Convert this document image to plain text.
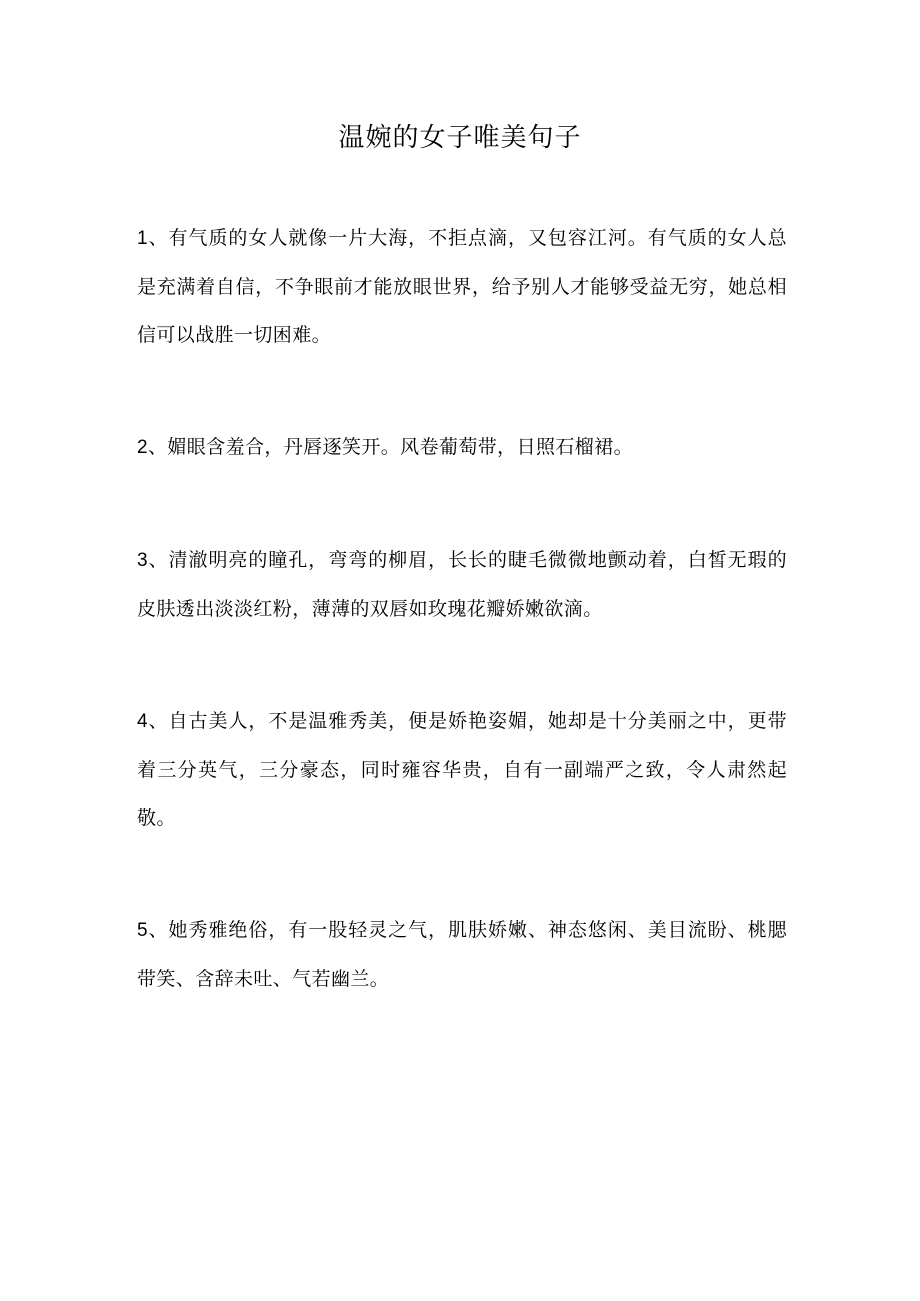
温婉的女子唯美句子

1、有气质的女人就像一片大海，不拒点滴，又包容江河。有气质的女人总是充满着自信，不争眼前才能放眼世界，给予别人才能够受益无穷，她总相信可以战胜一切困难。

2、媚眼含羞合，丹唇逐笑开。风卷葡萄带，日照石榴裙。

3、清澈明亮的瞳孔，弯弯的柳眉，长长的睫毛微微地颤动着，白皙无瑕的皮肤透出淡淡红粉，薄薄的双唇如玫瑰花瓣娇嫩欲滴。

4、自古美人，不是温雅秀美，便是娇艳姿媚，她却是十分美丽之中，更带着三分英气，三分豪态，同时雍容华贵，自有一副端严之致，令人肃然起敬。

5、她秀雅绝俗，有一股轻灵之气，肌肤娇嫩、神态悠闲、美目流盼、桃腮带笑、含辞未吐、气若幽兰。
